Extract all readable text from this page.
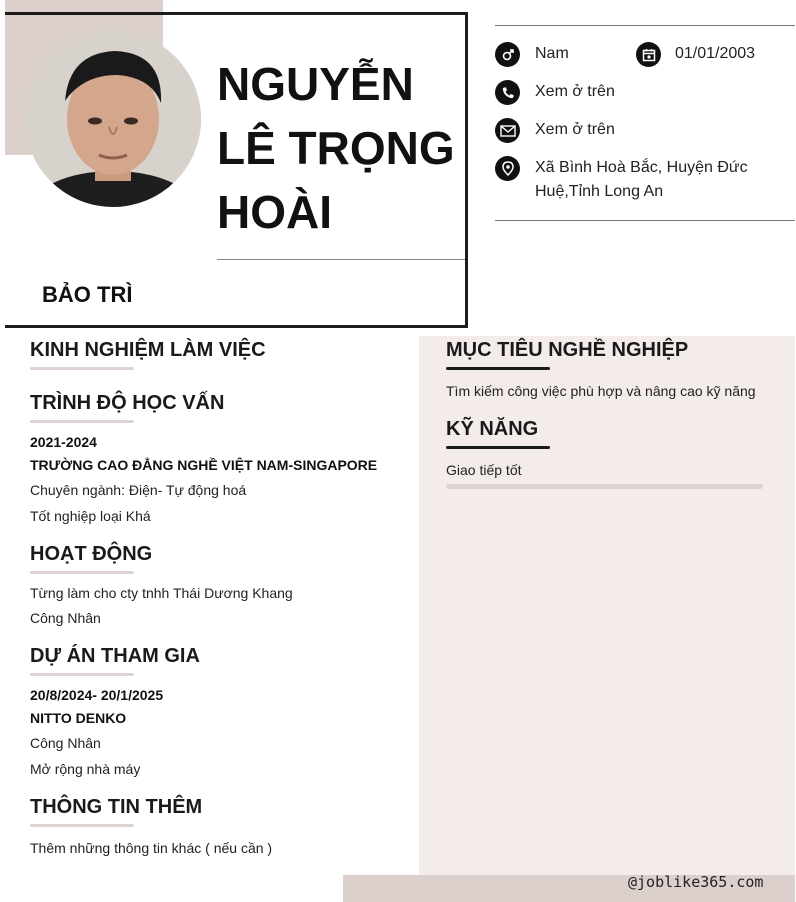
NGUYỄN
LÊ TRỌNG
HOÀI
BẢO TRÌ
Nam	01/01/2003
Xem ở trên
Xem ở trên
Xã Bình Hoà Bắc, Huyện Đức Huệ,Tỉnh Long An
KINH NGHIỆM LÀM VIỆC
TRÌNH ĐỘ HỌC VẤN
2021-2024
TRƯỜNG CAO ĐẲNG NGHỀ VIỆT NAM-SINGAPORE
Chuyên ngành: Điện- Tự động hoá
Tốt nghiệp loại Khá
HOẠT ĐỘNG
Từng làm cho cty tnhh Thái Dương Khang
Công Nhân
DỰ ÁN THAM GIA
20/8/2024- 20/1/2025
NITTO DENKO
Công Nhân
Mở rộng nhà máy
THÔNG TIN THÊM
Thêm những thông tin khác ( nếu cần )
MỤC TIÊU NGHỀ NGHIỆP
Tìm kiếm công việc phù hợp và nâng cao kỹ năng
KỸ NĂNG
Giao tiếp tốt
@joblike365.com
